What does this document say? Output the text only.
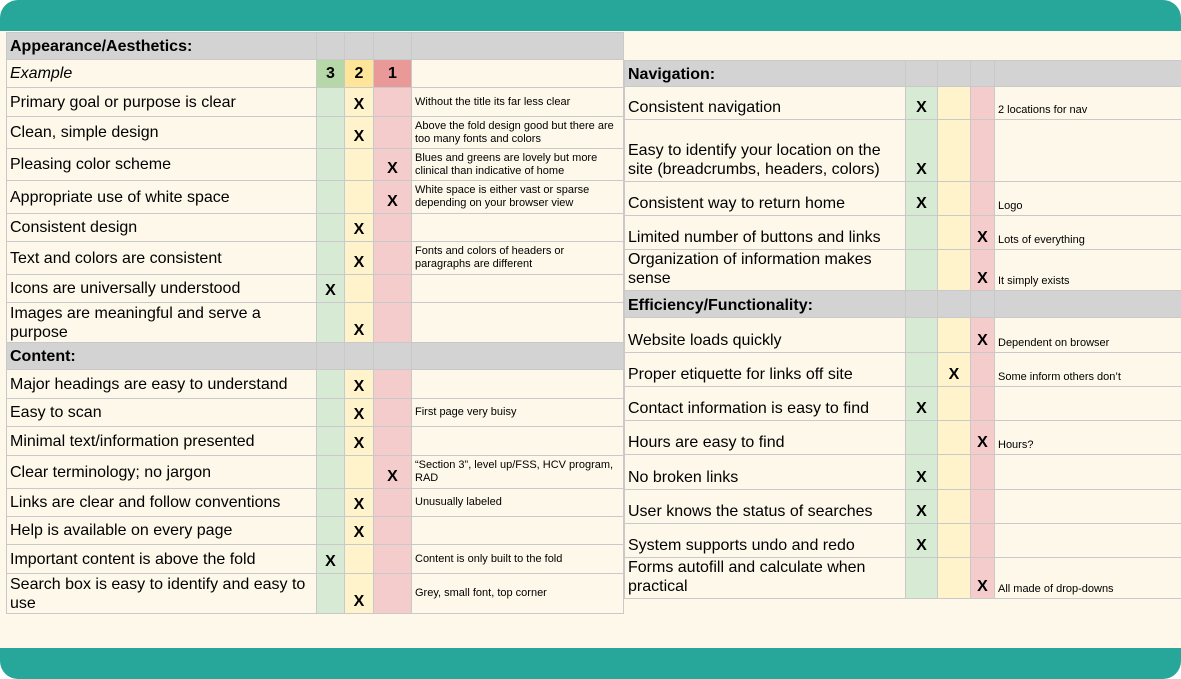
Appearance/Aesthetics:				
Example	3	2	1	
Primary goal or purpose is clear		X		Without the title its far less clear
Clean, simple design		X		Above the fold design good but there are too many fonts and colors
Pleasing color scheme			X	Blues and greens are lovely but more clinical than indicative of home
Appropriate use of white space			X	White space is either vast or sparse depending on your browser view
Consistent design		X		
Text and colors are consistent		X		Fonts and colors of headers or paragraphs are different
Icons are universally understood	X			
Images are meaningful and serve a purpose		X		
Content:				
Major headings are easy to understand		X		
Easy to scan		X		First page very buisy
Minimal text/information presented		X		
Clear terminology; no jargon			X	“Section 3”, level up/FSS, HCV program, RAD
Links are clear and follow conventions		X		Unusually labeled
Help is available on every page		X		
Important content is above the fold	X			Content is only built to the fold
Search box is easy to identify and easy to use		X		Grey, small font, top corner
Navigation:				
Consistent navigation	X			2 locations for nav
Easy to identify your location on the site (breadcrumbs, headers, colors)	X			
Consistent way to return home	X			Logo
Limited number of buttons and links			X	Lots of everything
Organization of information makes sense			X	It simply exists
Efficiency/Functionality:				
Website loads quickly			X	Dependent on browser
Proper etiquette for links off site		X		Some inform others don’t
Contact information is easy to find	X			
Hours are easy to find			X	Hours?
No broken links	X			
User knows the status of searches	X			
System supports undo and redo	X			
Forms autofill and calculate when practical			X	All made of drop-downs
